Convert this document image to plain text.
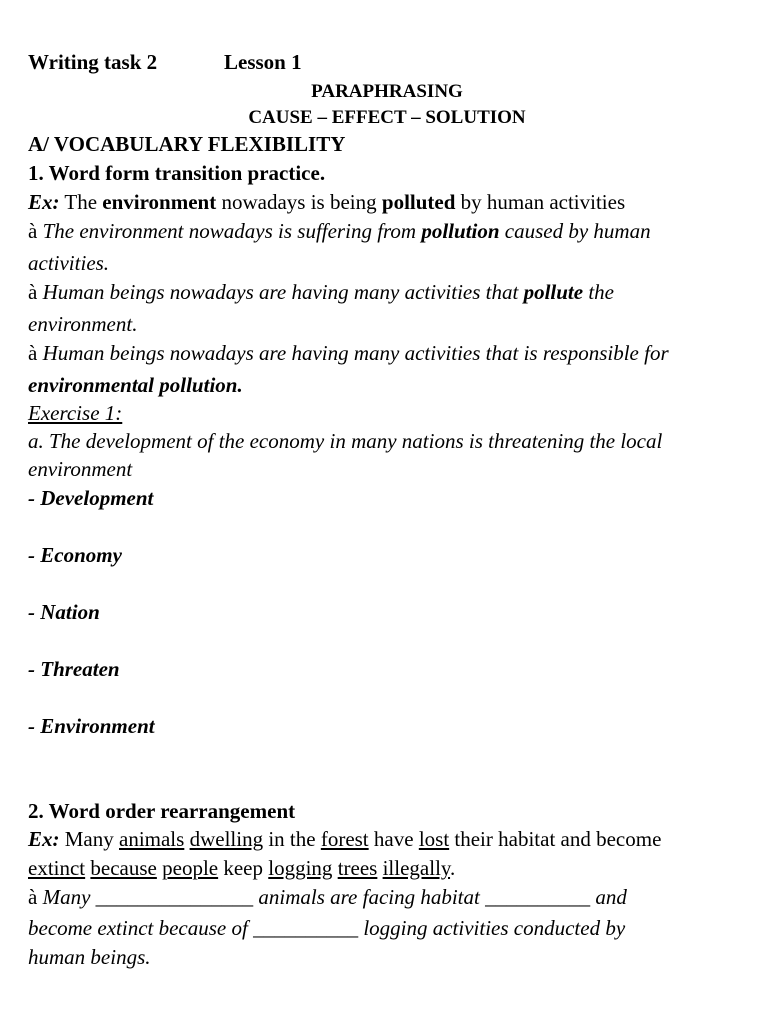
Writing task 2	Lesson 1
PARAPHRASING
CAUSE – EFFECT – SOLUTION
A/ VOCABULARY FLEXIBILITY
1. Word form transition practice.
Ex: The environment nowadays is being polluted by human activities
à The environment nowadays is suffering from pollution caused by human
activities.
à Human beings nowadays are having many activities that pollute the
environment.
à Human beings nowadays are having many activities that is responsible for
environmental pollution.
Exercise 1:
a. The development of the economy in many nations is threatening the local
environment
- Development
- Economy
- Nation
- Threaten
- Environment
2. Word order rearrangement
Ex: Many animals dwelling in the forest have lost their habitat and become
extinct because people keep logging trees illegally.
à Many _______________ animals are facing habitat __________ and
become extinct because of __________ logging activities conducted by
human beings.
